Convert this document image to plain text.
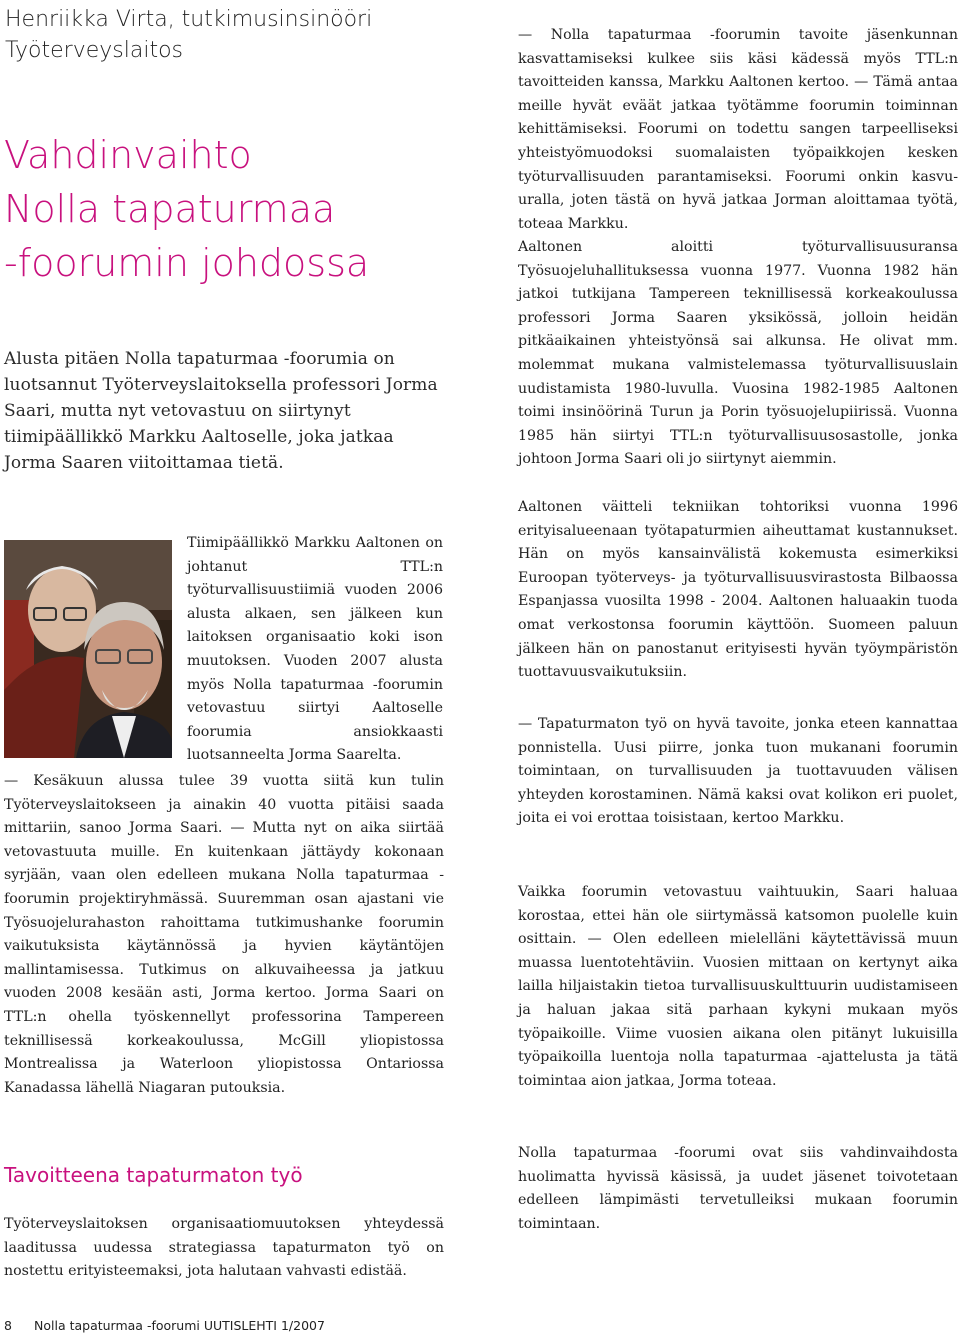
Henriikka Virta, tutkimusinsinööri
Työterveyslaitos
Vahdinvaihto
Nolla tapaturmaa
-foorumin johdossa

Alusta pitäen Nolla tapaturmaa -foorumia on luotsannut Työterveyslaitoksella professori Jorma Saari, mutta nyt vetovastuu on siirtynyt tiimipäällikkö Markku Aaltoselle, joka jatkaa Jorma Saaren viitoittamaa tietä.

Tiimipäällikkö Markku Aaltonen on johtanut TTL:n työturvallisuustiimiä vuoden 2006 alusta alkaen, sen jälkeen kun laitoksen organisaatio koki ison muutoksen. Vuoden 2007 alusta myös Nolla tapaturmaa -foorumin vetovastuu siirtyi Aaltoselle foorumia ansiokkaasti luotsanneelta Jorma Saarelta.

— Kesäkuun alussa tulee 39 vuotta siitä kun tulin Työterveyslaitokseen ja ainakin 40 vuotta pitäisi saada mittariin, sanoo Jorma Saari. — Mutta nyt on aika siirtää vetovastuuta muille. En kuitenkaan jättäydy kokonaan syrjään, vaan olen edelleen mukana Nolla tapaturmaa -foorumin projektiryhmässä. Suuremman osan ajastani vie Työsuojelurahaston rahoittama tutkimushanke foorumin vaikutuksista käytännössä ja hyvien käytäntöjen mallintamisessa. Tutkimus on alkuvaiheessa ja jatkuu vuoden 2008 kesään asti, Jorma kertoo. Jorma Saari on TTL:n ohella työskennellyt professorina Tampereen teknillisessä korkeakoulussa, McGill yliopistossa Montrealissa ja Waterloon yliopistossa Ontariossa Kanadassa lähellä Niagaran putouksia.

Tavoitteena tapaturmaton työ

Työterveyslaitoksen organisaatiomuutoksen yhteydessä laaditussa uudessa strategiassa tapaturmaton työ on nostettu erityisteemaksi, jota halutaan vahvasti edistää.

— Nolla tapaturmaa -foorumin tavoite jäsenkunnan kasvattamiseksi kulkee siis käsi kädessä myös TTL:n tavoitteiden kanssa, Markku Aaltonen kertoo. — Tämä antaa meille hyvät eväät jatkaa työtämme foorumin toiminnan kehittämiseksi. Foorumi on todettu sangen tarpeelliseksi yhteistyömuodoksi suomalaisten työpaikkojen kesken työturvallisuuden parantamiseksi. Foorumi onkin kasvu-uralla, joten tästä on hyvä jatkaa Jorman aloittamaa työtä, toteaa Markku.

Aaltonen aloitti työturvallisuusuransa Työsuojeluhallituksessa vuonna 1977. Vuonna 1982 hän jatkoi tutkijana Tampereen teknillisessä korkeakoulussa professori Jorma Saaren yksikössä, jolloin heidän pitkäaikainen yhteistyönsä sai alkunsa. He olivat mm. molemmat mukana valmistelemassa työturvallisuuslain uudistamista 1980-luvulla. Vuosina 1982-1985 Aaltonen toimi insinöörinä Turun ja Porin työsuojelupiirissä. Vuonna 1985 hän siirtyi TTL:n työturvallisuusosastolle, jonka johtoon Jorma Saari oli jo siirtynyt aiemmin.

Aaltonen väitteli tekniikan tohtoriksi vuonna 1996 erityisalueenaan työtapaturmien aiheuttamat kustannukset. Hän on myös kansainvälistä kokemusta esimerkiksi Euroopan työterveys- ja työturvallisuusvirastosta Bilbaossa Espanjassa vuosilta 1998 - 2004. Aaltonen haluaakin tuoda omat verkostonsa foorumin käyttöön. Suomeen paluun jälkeen hän on panostanut erityisesti hyvän työympäristön tuottavuusvaikutuksiin.

— Tapaturmaton työ on hyvä tavoite, jonka eteen kannattaa ponnistella. Uusi piirre, jonka tuon mukanani foorumin toimintaan, on turvallisuuden ja tuottavuuden välisen yhteyden korostaminen. Nämä kaksi ovat kolikon eri puolet, joita ei voi erottaa toisistaan, kertoo Markku.

Vaikka foorumin vetovastuu vaihtuukin, Saari haluaa korostaa, ettei hän ole siirtymässä katsomon puolelle kuin osittain. — Olen edelleen mielelläni käytettävissä muun muassa luentotehtäviin. Vuosien mittaan on kertynyt aika lailla hiljaistakin tietoa turvallisuuskulttuurin uudistamiseen ja haluan jakaa sitä parhaan kykyni mukaan myös työpaikoille. Viime vuosien aikana olen pitänyt lukuisilla työpaikoilla luentoja nolla tapaturmaa -ajattelusta ja tätä toimintaa aion jatkaa, Jorma toteaa.

Nolla tapaturmaa -foorumi ovat siis vahdinvaihdosta huolimatta hyvissä käsissä, ja uudet jäsenet toivotetaan edelleen lämpimästi tervetulleiksi mukaan foorumin toimintaan.

8 Nolla tapaturmaa -foorumi UUTISLEHTI 1/2007
